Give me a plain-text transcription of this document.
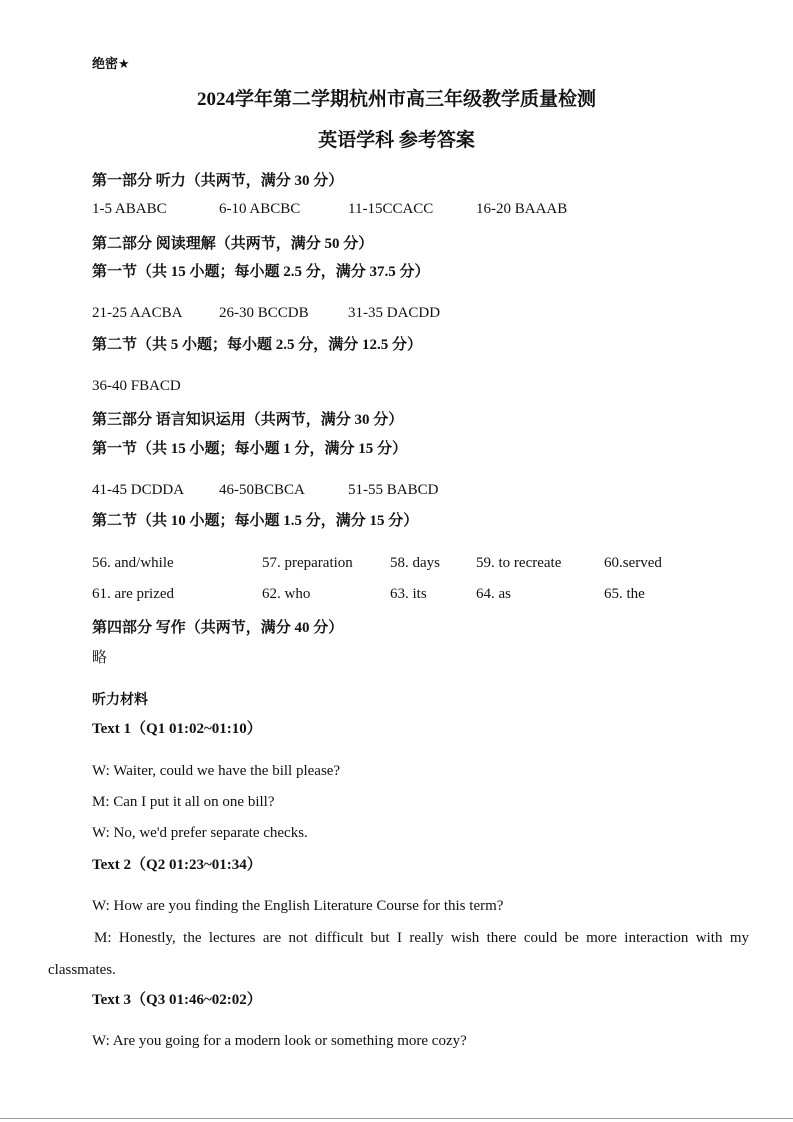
绝密★
2024学年第二学期杭州市高三年级教学质量检测
英语学科 参考答案
第一部分 听力（共两节，满分 30 分）
1-5 ABABC	6-10 ABCBC	11-15CCACC	16-20 BAAAB
第二部分 阅读理解（共两节，满分 50 分）
第一节（共 15 小题；每小题 2.5 分，满分 37.5 分）
21-25 AACBA 26-30 BCCDB	31-35 DACDD
第二节（共 5 小题；每小题 2.5 分，满分 12.5 分）
36-40 FBACD
第三部分 语言知识运用（共两节，满分 30 分）
第一节（共 15 小题；每小题 1 分，满分 15 分）
41-45 DCDDA 46-50BCBCA	51-55 BABCD
第二节（共 10 小题；每小题 1.5 分，满分 15 分）
56. and/while	57. preparation 58. days 59. to recreate	60.served
61. are prized	62. who	63. its	64. as	65. the
第四部分 写作（共两节，满分 40 分）
略
听力材料
Text 1（Q1 01:02~01:10）
W: Waiter, could we have the bill please?
M: Can I put it all on one bill?
W: No, we'd prefer separate checks.
Text 2（Q2 01:23~01:34）
W: How are you finding the English Literature Course for this term?
M: Honestly, the lectures are not difficult but I really wish there could be more interaction with my classmates.
Text 3（Q3 01:46~02:02）
W: Are you going for a modern look or something more cozy?
